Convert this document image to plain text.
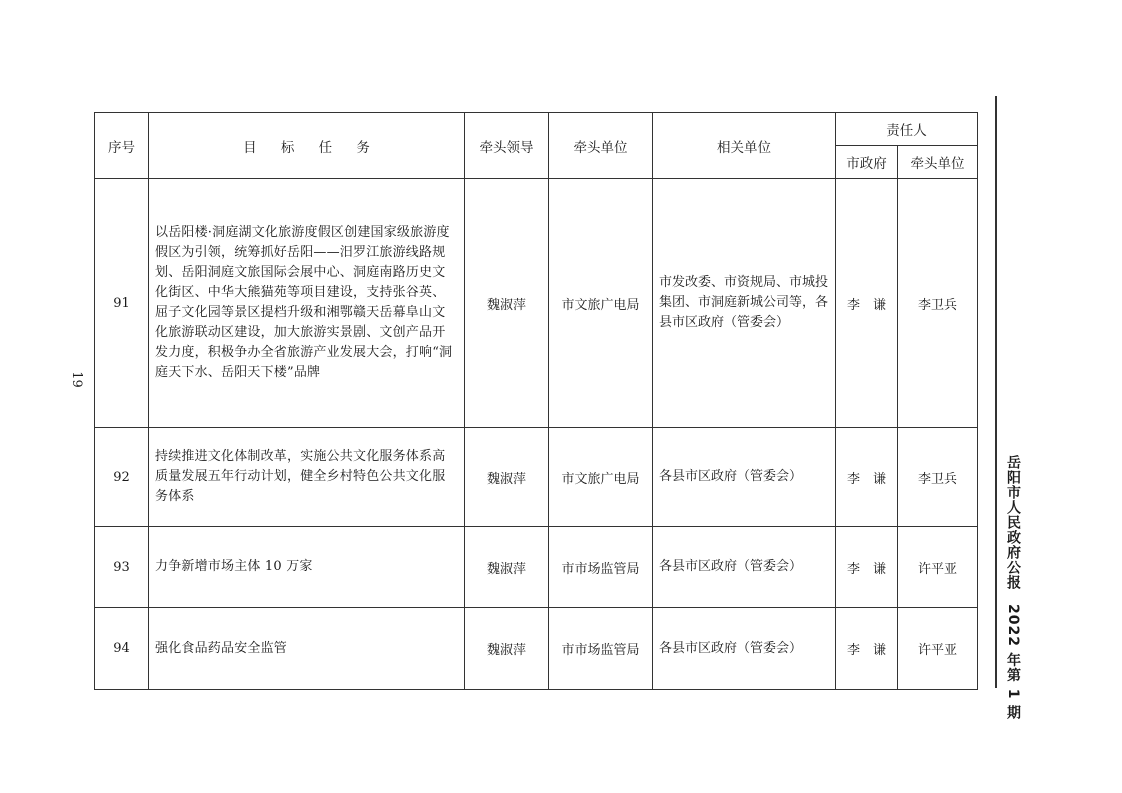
19
序号	目 标 任 务	牵头领导	牵头单位	相关单位	责任人	
					市政府	牵头单位
91	以岳阳楼·洞庭湖文化旅游度假区创建国家级旅游度假区为引领，统筹抓好岳阳——汨罗江旅游线路规划、岳阳洞庭文旅国际会展中心、洞庭南路历史文化街区、中华大熊猫苑等项目建设，支持张谷英、屈子文化园等景区提档升级和湘鄂赣天岳幕阜山文化旅游联动区建设，加大旅游实景剧、文创产品开发力度，积极争办全省旅游产业发展大会，打响“洞庭天下水、岳阳天下楼”品牌	魏淑萍	市文旅广电局	市发改委、市资规局、市城投集团、市洞庭新城公司等，各县市区政府（管委会）	李　谦	李卫兵
92	持续推进文化体制改革，实施公共文化服务体系高质量发展五年行动计划，健全乡村特色公共文化服务体系	魏淑萍	市文旅广电局	各县市区政府（管委会）	李　谦	李卫兵
93	力争新增市场主体 10 万家	魏淑萍	市市场监管局	各县市区政府（管委会）	李　谦	许平亚
94	强化食品药品安全监管	魏淑萍	市市场监管局	各县市区政府（管委会）	李　谦	许平亚
岳阳市人民政府公报2022 年第 1 期
